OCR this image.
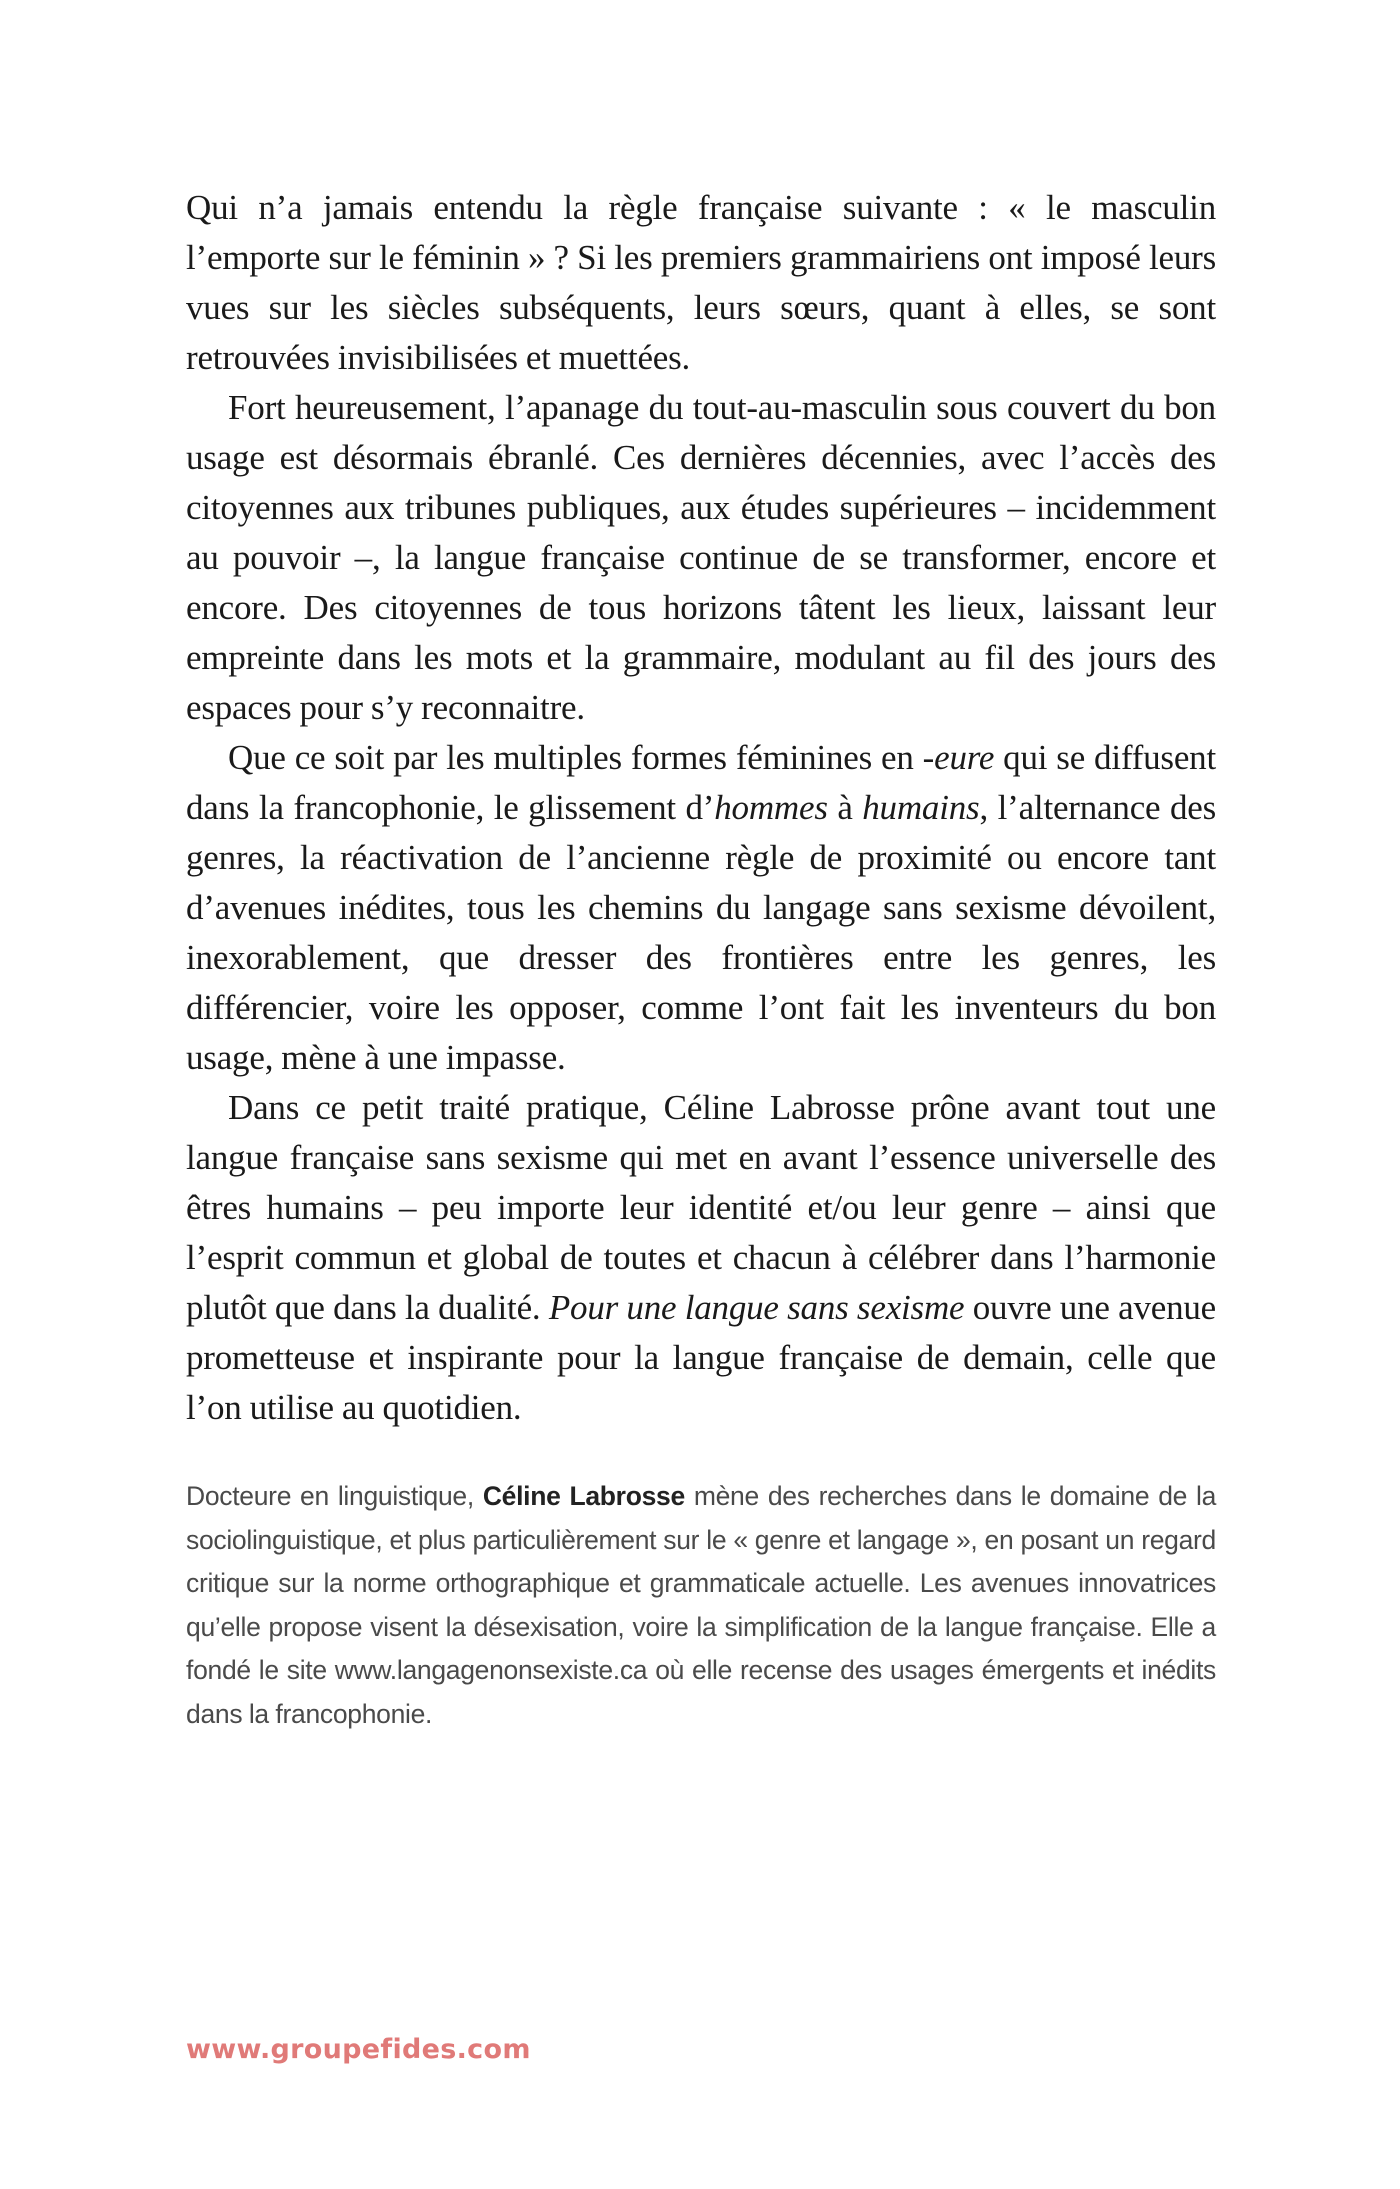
Qui n’a jamais entendu la règle française suivante : « le masculin l’emporte sur le féminin » ? Si les premiers grammairiens ont imposé leurs vues sur les siècles subséquents, leurs sœurs, quant à elles, se sont retrouvées invisibilisées et muettées.

Fort heureusement, l’apanage du tout-au-masculin sous couvert du bon usage est désormais ébranlé. Ces dernières décennies, avec l’accès des citoyennes aux tribunes publiques, aux études supérieures – incidemment au pouvoir –, la langue française continue de se transformer, encore et encore. Des citoyennes de tous horizons tâtent les lieux, laissant leur empreinte dans les mots et la grammaire, modulant au fil des jours des espaces pour s’y reconnaitre.

Que ce soit par les multiples formes féminines en -eure qui se diffusent dans la francophonie, le glissement d’hommes à humains, l’alternance des genres, la réactivation de l’ancienne règle de proximité ou encore tant d’avenues inédites, tous les chemins du langage sans sexisme dévoilent, inexorablement, que dresser des frontières entre les genres, les différencier, voire les opposer, comme l’ont fait les inventeurs du bon usage, mène à une impasse.

Dans ce petit traité pratique, Céline Labrosse prône avant tout une langue française sans sexisme qui met en avant l’essence universelle des êtres humains – peu importe leur identité et/ou leur genre – ainsi que l’esprit commun et global de toutes et chacun à célébrer dans l’harmonie plutôt que dans la dualité. Pour une langue sans sexisme ouvre une avenue prometteuse et inspirante pour la langue française de demain, celle que l’on utilise au quotidien.

Docteure en linguistique, Céline Labrosse mène des recherches dans le domaine de la sociolinguistique, et plus particulièrement sur le « genre et langage », en posant un regard critique sur la norme orthographique et grammaticale actuelle. Les avenues innovatrices qu’elle propose visent la désexisation, voire la simplification de la langue française. Elle a fondé le site www.langagenonsexiste.ca où elle recense des usages émergents et inédits dans la francophonie.

www.groupefides.com
